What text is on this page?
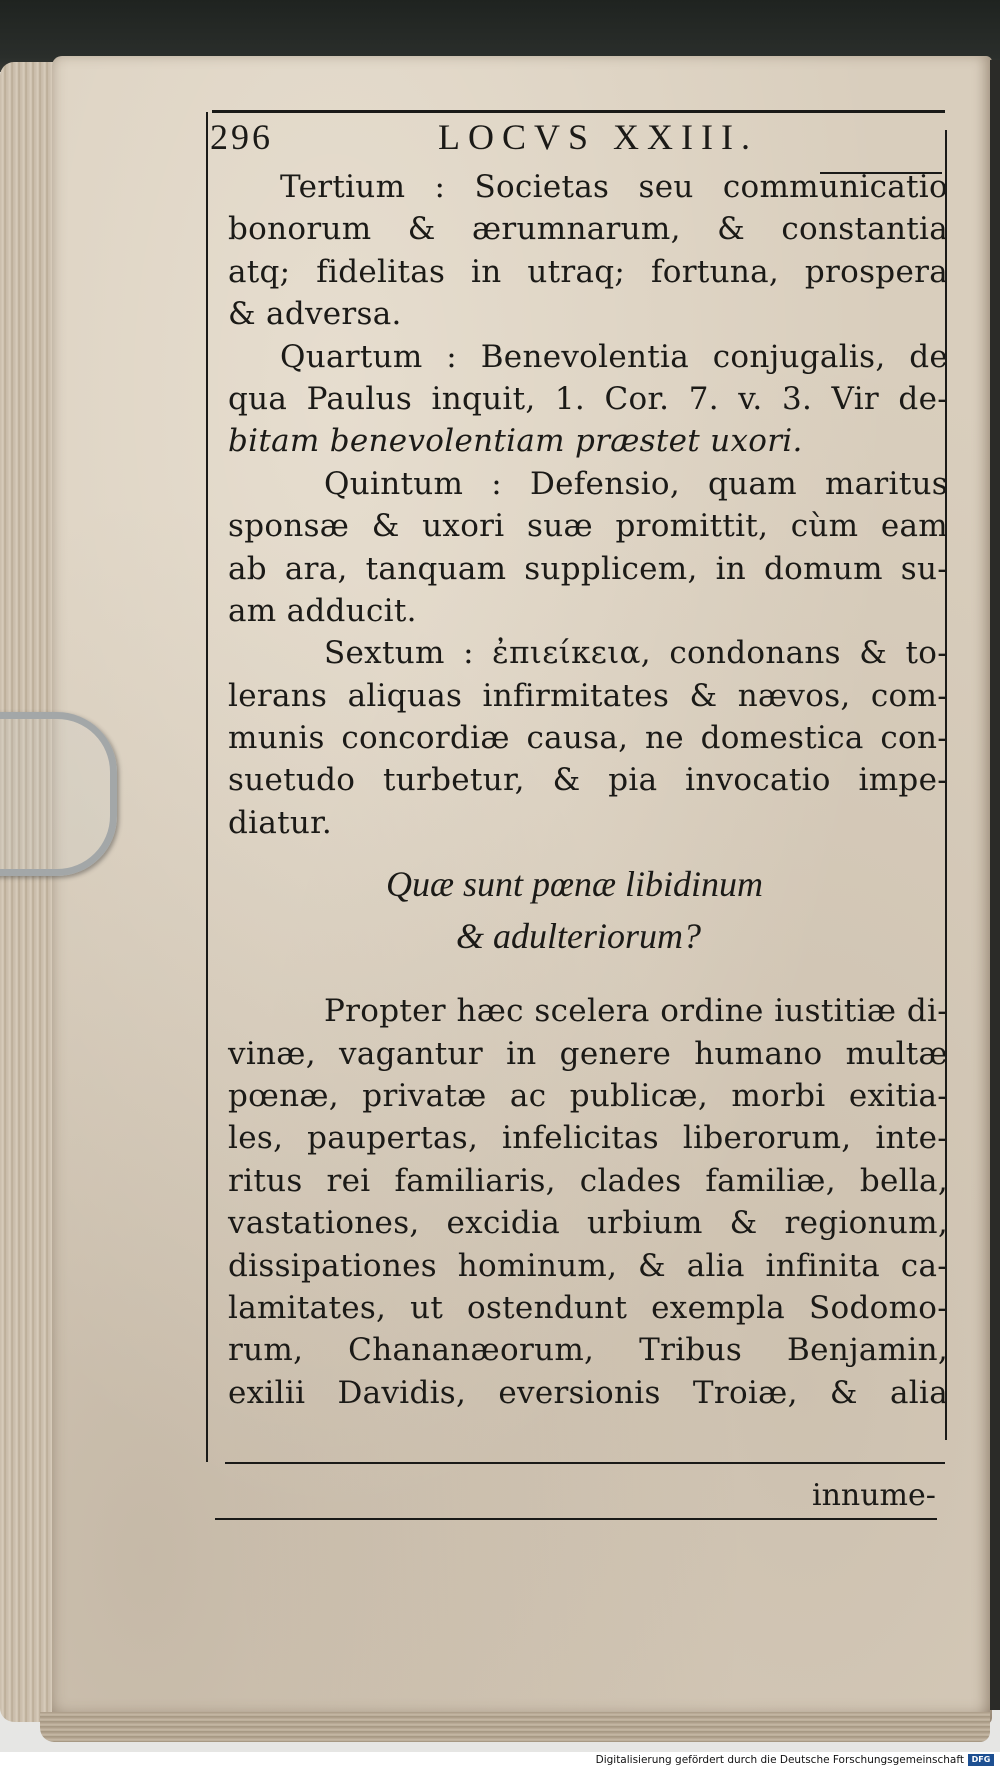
296	LOCVS XXIII.
Tertium : Societas seu communicatio
bonorum & ærumnarum, & constantia
atq; fidelitas in utraq; fortuna, prospera
& adversa.
Quartum : Benevolentia conjugalis, de
qua Paulus inquit, 1. Cor. 7. v. 3. Vir de-
bitam benevolentiam præstet uxori.
Quintum : Defensio, quam maritus
sponsæ & uxori suæ promittit, cùm eam
ab ara, tanquam supplicem, in domum su-
am adducit.
Sextum : ἐπιείκεια, condonans & to-
lerans aliquas infirmitates & nævos, com-
munis concordiæ causa, ne domestica con-
suetudo turbetur, & pia invocatio impe-
diatur.
Quæ sunt pœnæ libidinum
& adulteriorum?
Propter hæc scelera ordine iustitiæ di-
vinæ, vagantur in genere humano multæ
pœnæ, privatæ ac publicæ, morbi exitia-
les, paupertas, infelicitas liberorum, inte-
ritus rei familiaris, clades familiæ, bella,
vastationes, excidia urbium & regionum,
dissipationes hominum, & alia infinita ca-
lamitates, ut ostendunt exempla Sodomo-
rum, Chananæorum, Tribus Benjamin,
exilii Davidis, eversionis Troiæ, & alia
innume-
Digitalisierung gefördert durch die Deutsche Forschungsgemeinschaft DFG
